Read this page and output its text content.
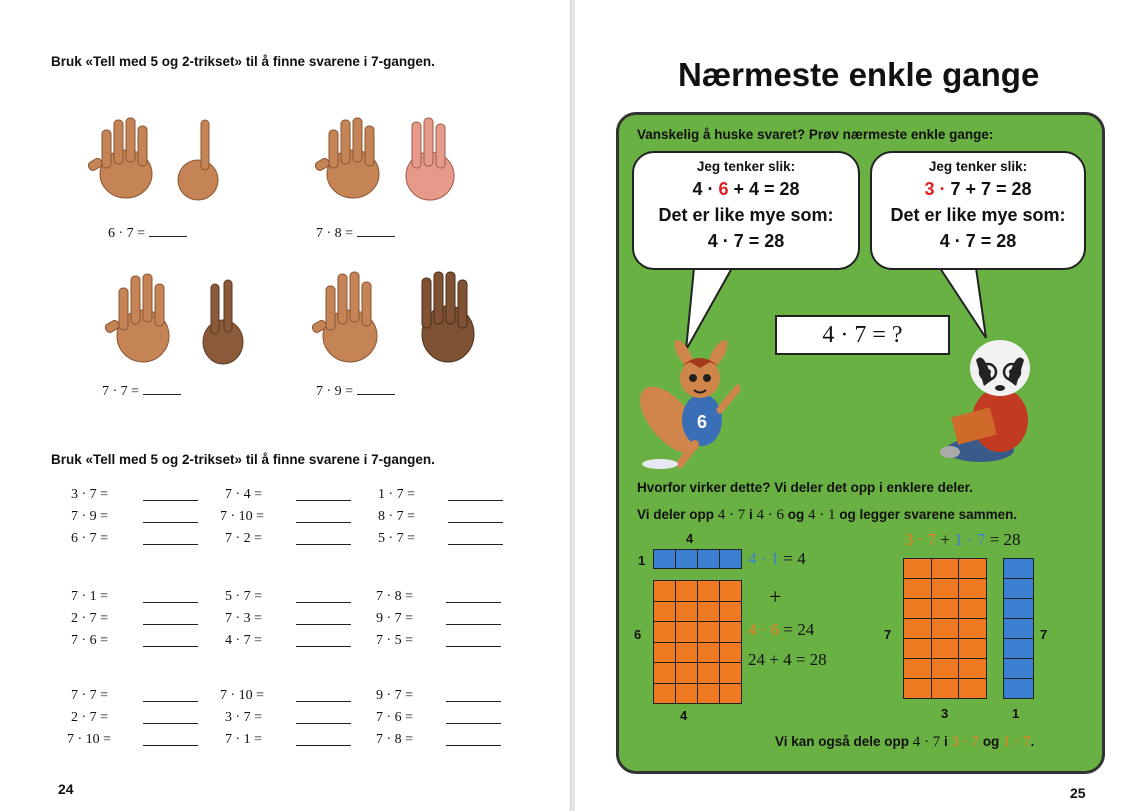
Bruk «Tell med 5 og 2-trikset» til å finne svarene i 7-gangen.
6 · 7 =	7 · 8 =
7 · 7 =	7 · 9 =
Bruk «Tell med 5 og 2-trikset» til å finne svarene i 7-gangen.
3 · 7 =	7 · 4 =	1 · 7 =
7 · 9 =	7 · 10 =	8 · 7 =
6 · 7 =	7 · 2 =	5 · 7 =
7 · 1 =	5 · 7 =	7 · 8 =
2 · 7 =	7 · 3 =	9 · 7 =
7 · 6 =	4 · 7 =	7 · 5 =
7 · 7 =	7 · 10 =	9 · 7 =
2 · 7 =	3 · 7 =	7 · 6 =
7 · 10 =	7 · 1 =	7 · 8 =
24
Nærmeste enkle gange
Vanskelig å huske svaret? Prøv nærmeste enkle gange:
Jeg tenker slik:
4 · 6 + 4 = 28
Det er like mye som:
4 · 7 = 28
Jeg tenker slik:
3 · 7 + 7 = 28
Det er like mye som:
4 · 7 = 28
4 · 7 = ?
6
Hvorfor virker dette? Vi deler det opp i enklere deler.
Vi deler opp 4 · 7 i 4 · 6 og 4 · 1 og legger svarene sammen.
4
1
6
4
4 · 1 = 4
+
4 · 6 = 24
24 + 4 = 28
3 · 7 + 1 · 7 = 28
7	7
3	1
Vi kan også dele opp 4 · 7 i 3 · 7 og 1 · 7.
25
